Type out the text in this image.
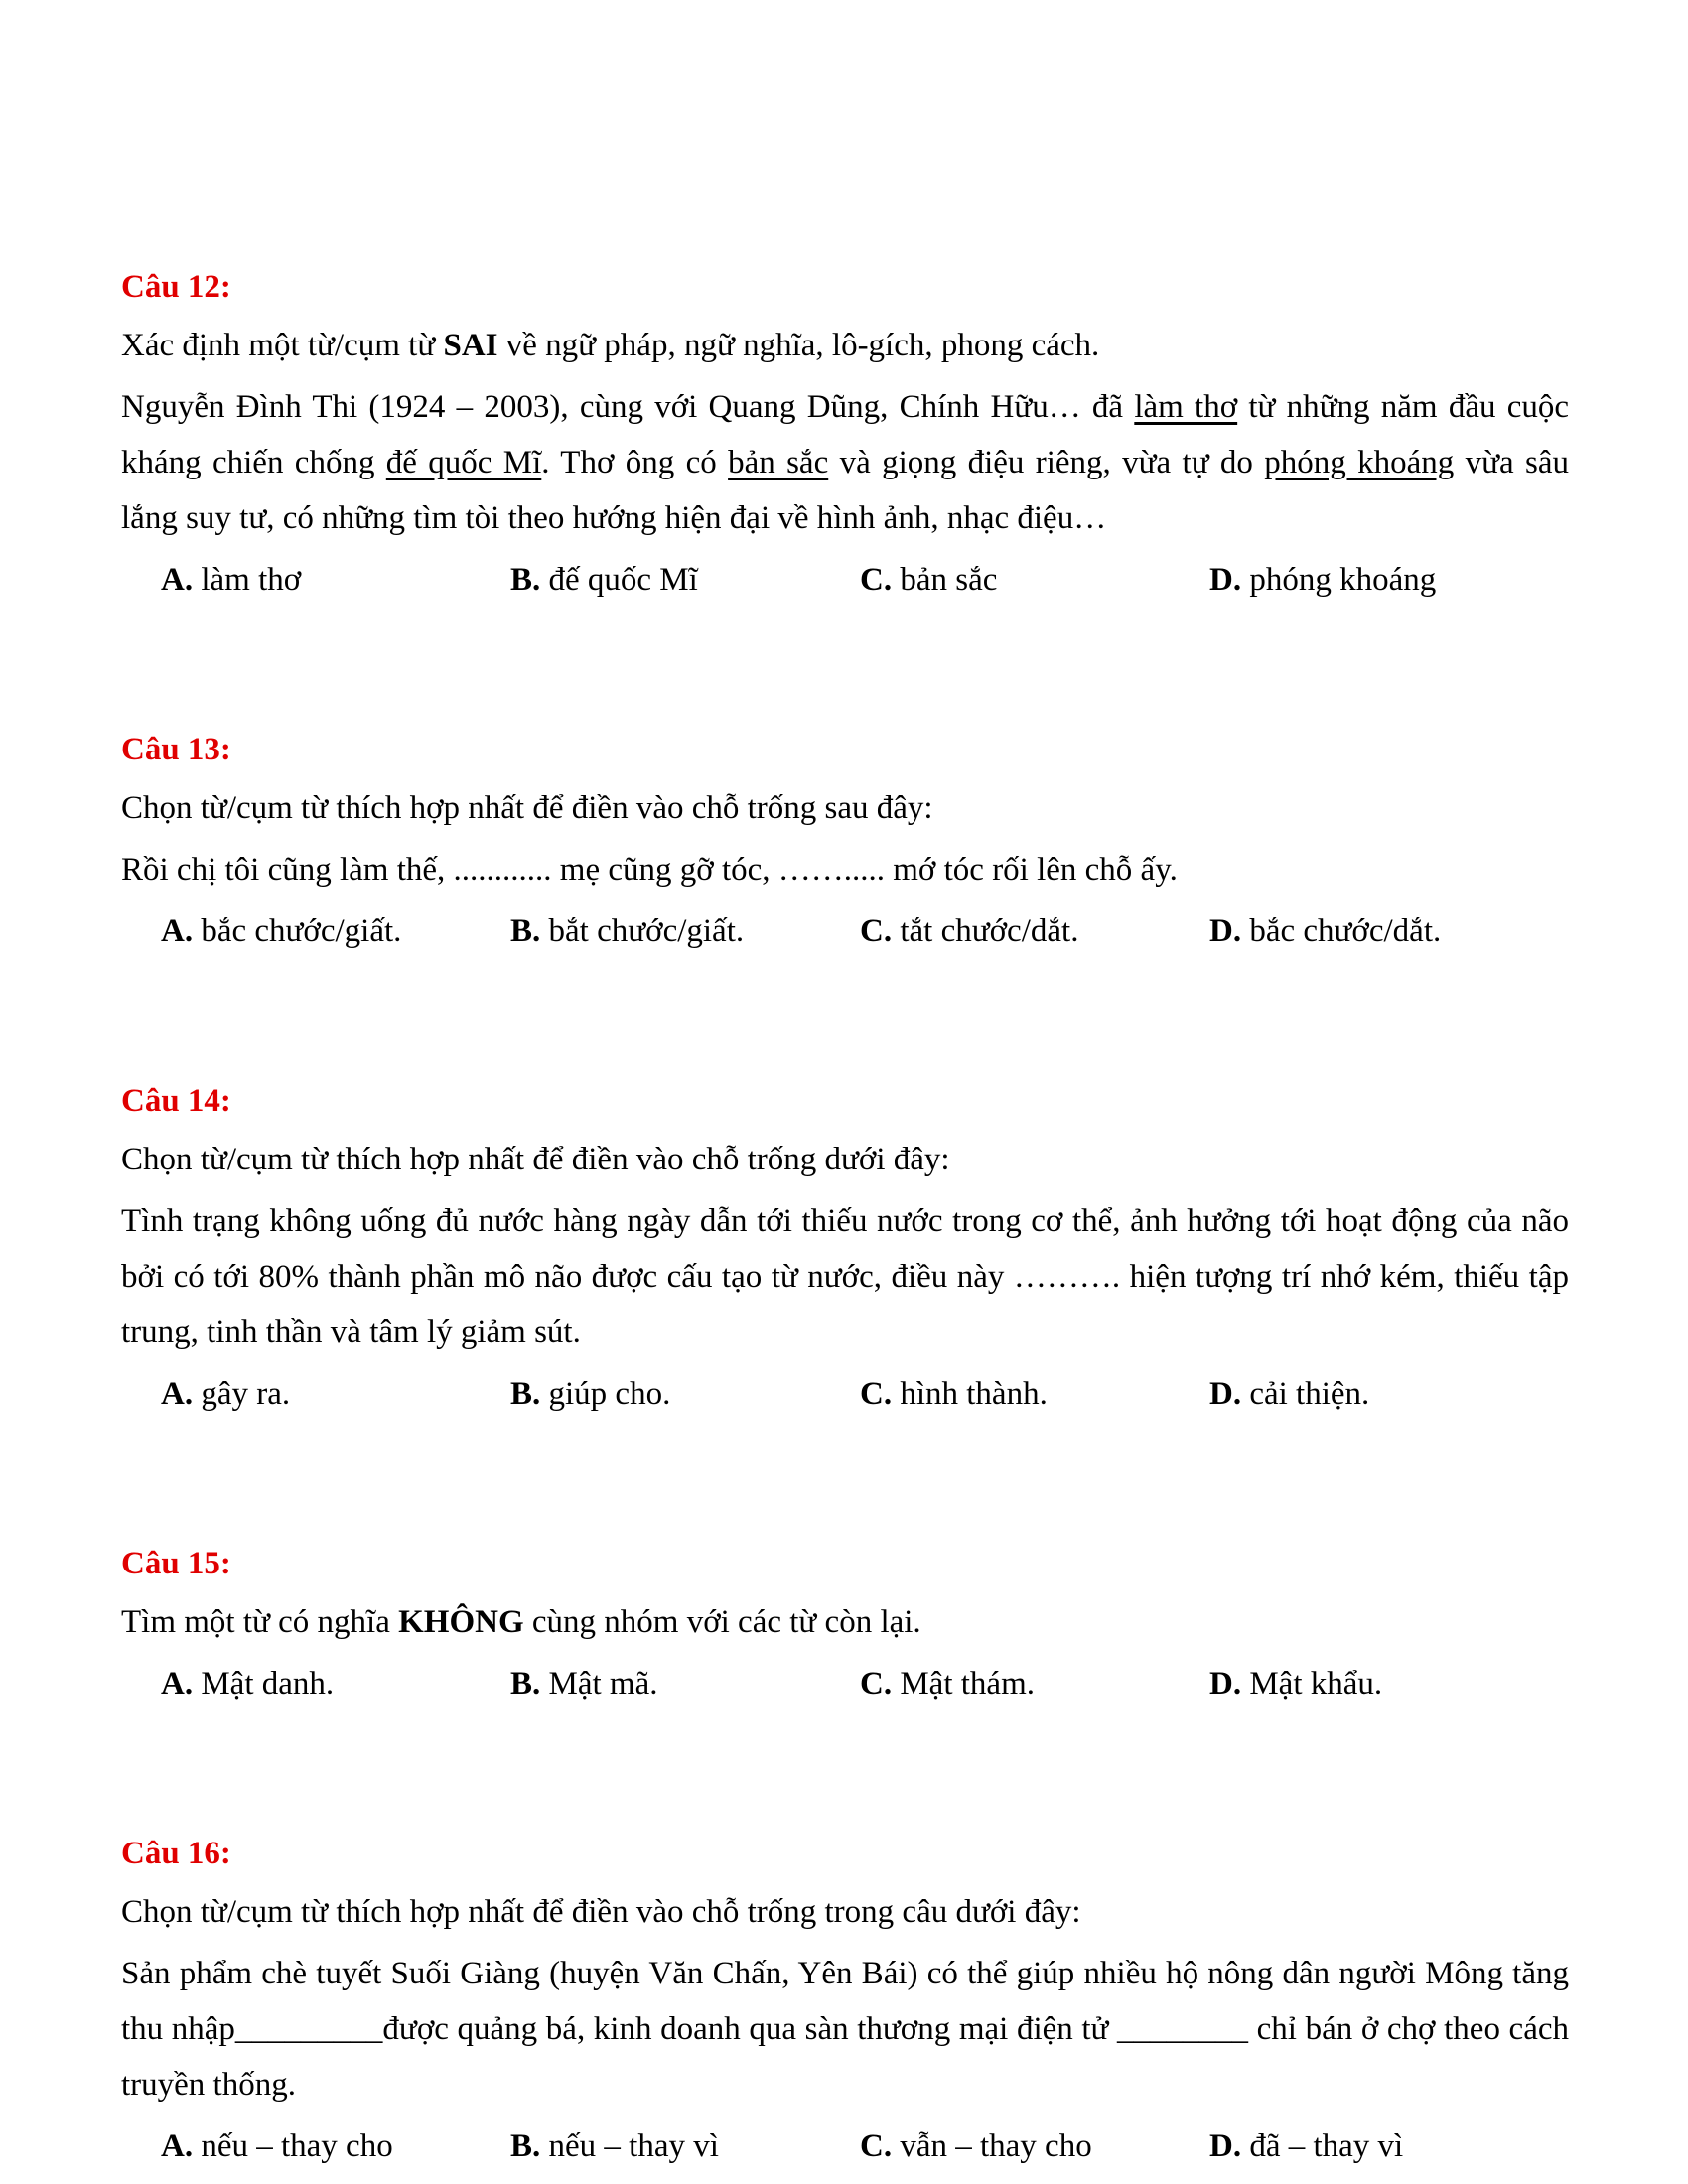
Câu 12:
Xác định một từ/cụm từ SAI về ngữ pháp, ngữ nghĩa, lô-gích, phong cách.
Nguyễn Đình Thi (1924 – 2003), cùng với Quang Dũng, Chính Hữu… đã làm thơ từ những năm đầu cuộc kháng chiến chống đế quốc Mĩ. Thơ ông có bản sắc và giọng điệu riêng, vừa tự do phóng khoáng vừa sâu lắng suy tư, có những tìm tòi theo hướng hiện đại về hình ảnh, nhạc điệu…
A. làm thơ	B. đế quốc Mĩ	C. bản sắc	D. phóng khoáng
Câu 13:
Chọn từ/cụm từ thích hợp nhất để điền vào chỗ trống sau đây:
Rồi chị tôi cũng làm thế, ............ mẹ cũng gỡ tóc, ……..... mớ tóc rối lên chỗ ấy.
A. bắc chước/giất.	B. bắt chước/giất.	C. tắt chước/dắt.	D. bắc chước/dắt.
Câu 14:
Chọn từ/cụm từ thích hợp nhất để điền vào chỗ trống dưới đây:
Tình trạng không uống đủ nước hàng ngày dẫn tới thiếu nước trong cơ thể, ảnh hưởng tới hoạt động của não bởi có tới 80% thành phần mô não được cấu tạo từ nước, điều này ………. hiện tượng trí nhớ kém, thiếu tập trung, tinh thần và tâm lý giảm sút.
A. gây ra.	B. giúp cho.	C. hình thành.	D. cải thiện.
Câu 15:
Tìm một từ có nghĩa KHÔNG cùng nhóm với các từ còn lại.
A. Mật danh.	B. Mật mã.	C. Mật thám.	D. Mật khẩu.
Câu 16:
Chọn từ/cụm từ thích hợp nhất để điền vào chỗ trống trong câu dưới đây:
Sản phẩm chè tuyết Suối Giàng (huyện Văn Chấn, Yên Bái) có thể giúp nhiều hộ nông dân người Mông tăng thu nhập_________được quảng bá, kinh doanh qua sàn thương mại điện tử ________ chỉ bán ở chợ theo cách truyền thống.
A. nếu – thay cho	B. nếu – thay vì	C. vẫn – thay cho	D. đã – thay vì
